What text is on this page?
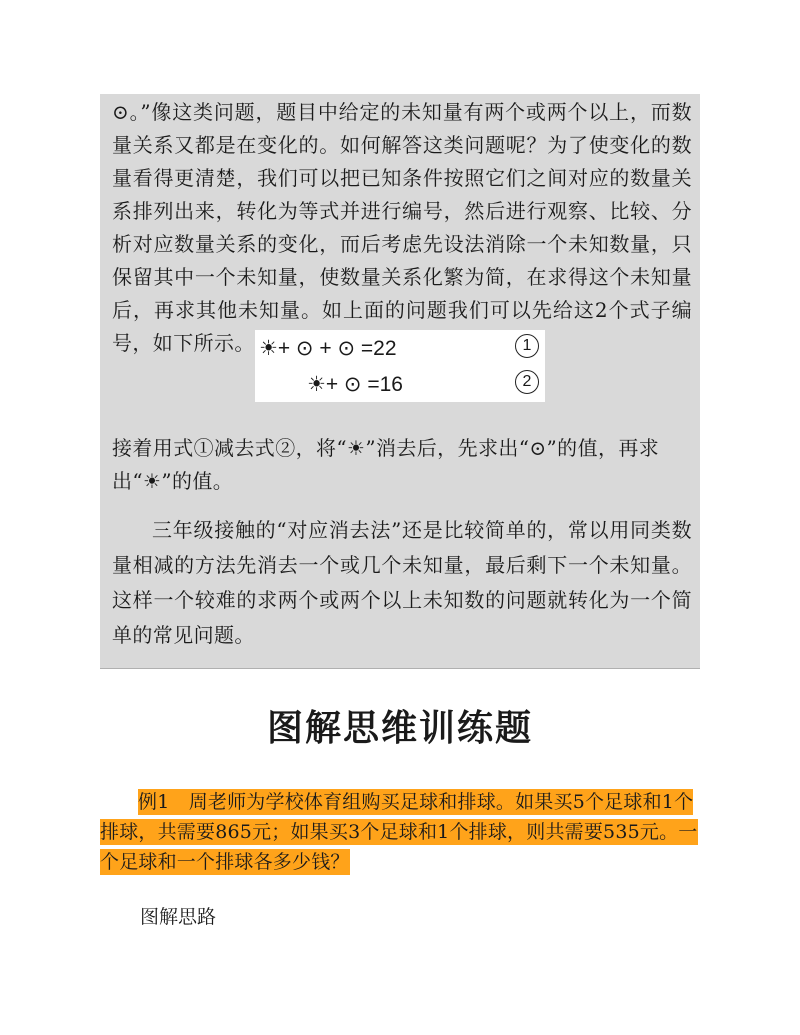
⊙。”像这类问题，题目中给定的未知量有两个或两个以上，而数量关系又都是在变化的。如何解答这类问题呢？为了使变化的数量看得更清楚，我们可以把已知条件按照它们之间对应的数量关系排列出来，转化为等式并进行编号，然后进行观察、比较、分析对应数量关系的变化，而后考虑先设法消除一个未知数量，只保留其中一个未知量，使数量关系化繁为简，在求得这个未知量后，再求其他未知量。如上面的问题我们可以先给这2个式子编号，如下所示。 ☀+ ⊙ + ⊙ =22	1
☀+ ⊙ =16	2

接着用式①减去式②，将“☀”消去后，先求出“⊙”的值，再求出“☀”的值。

三年级接触的“对应消去法”还是比较简单的，常以用同类数量相减的方法先消去一个或几个未知量，最后剩下一个未知量。这样一个较难的求两个或两个以上未知数的问题就转化为一个简单的常见问题。

图解思维训练题

例1　周老师为学校体育组购买足球和排球。如果买5个足球和1个排球，共需要865元；如果买3个足球和1个排球，则共需要535元。一个足球和一个排球各多少钱？

图解思路
